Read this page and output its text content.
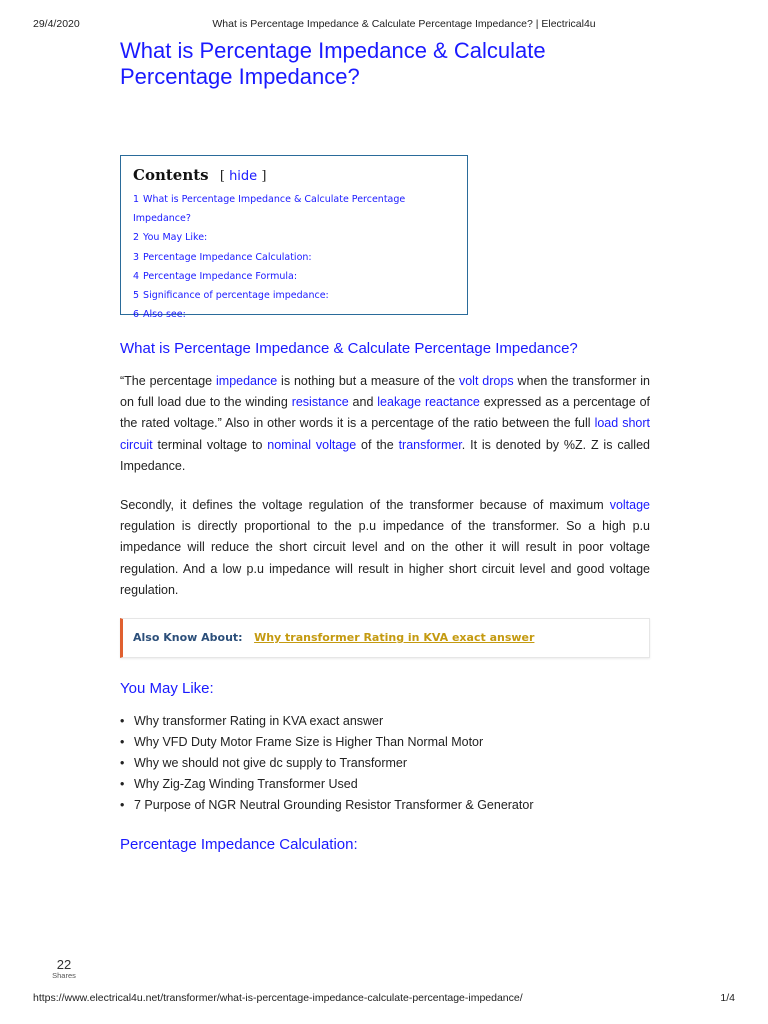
29/4/2020	What is Percentage Impedance & Calculate Percentage Impedance? | Electrical4u
What is Percentage Impedance & Calculate
Percentage Impedance?
Contents [ hide ]
1 What is Percentage Impedance & Calculate Percentage Impedance?
2 You May Like:
3 Percentage Impedance Calculation:
4 Percentage Impedance Formula:
5 Significance of percentage impedance:
6 Also see:
What is Percentage Impedance & Calculate Percentage Impedance?

“The percentage impedance is nothing but a measure of the volt drops when the transformer in on full load due to the winding resistance and leakage reactance expressed as a percentage of the rated voltage.” Also in other words it is a percentage of the ratio between the full load short circuit terminal voltage to nominal voltage of the transformer. It is denoted by %Z. Z is called Impedance.

Secondly, it defines the voltage regulation of the transformer because of maximum voltage regulation is directly proportional to the p.u impedance of the transformer. So a high p.u impedance will reduce the short circuit level and on the other it will result in poor voltage regulation. And a low p.u impedance will result in higher short circuit level and good voltage regulation.

Also Know About: Why transformer Rating in KVA exact answer
You May Like:
• Why transformer Rating in KVA exact answer
• Why VFD Duty Motor Frame Size is Higher Than Normal Motor
• Why we should not give dc supply to Transformer
• Why Zig-Zag Winding Transformer Used
• 7 Purpose of NGR Neutral Grounding Resistor Transformer & Generator
Percentage Impedance Calculation:
22
Shares
https://www.electrical4u.net/transformer/what-is-percentage-impedance-calculate-percentage-impedance/	1/4
